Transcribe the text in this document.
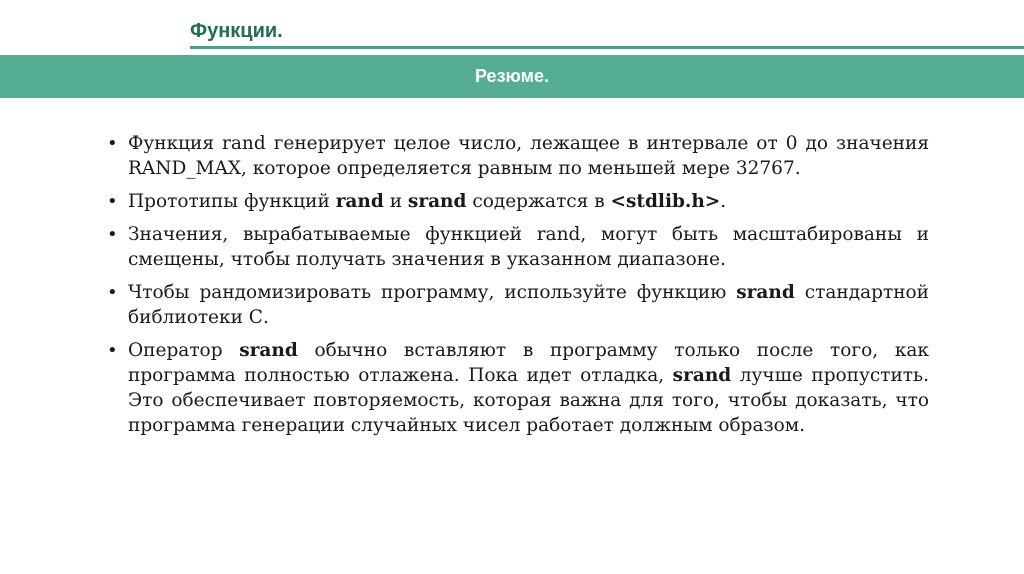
Функции.
Резюме.
• Функция rand генерирует целое число, лежащее в интервале от 0 до значения RAND_MAX, которое определяется равным по меньшей мере 32767.
• Прототипы функций rand и srand содержатся в <stdlib.h>.
• Значения, вырабатываемые функцией rand, могут быть масштабированы и смещены, чтобы получать значения в указанном диапазоне.
• Чтобы рандомизировать программу, используйте функцию srand стандартной библиотеки С.
• Оператор srand обычно вставляют в программу только после того, как программа полностью отлажена. Пока идет отладка, srand лучше пропустить. Это обеспечивает повторяемость, которая важна для того, чтобы доказать, что программа генерации случайных чисел работает должным образом.
